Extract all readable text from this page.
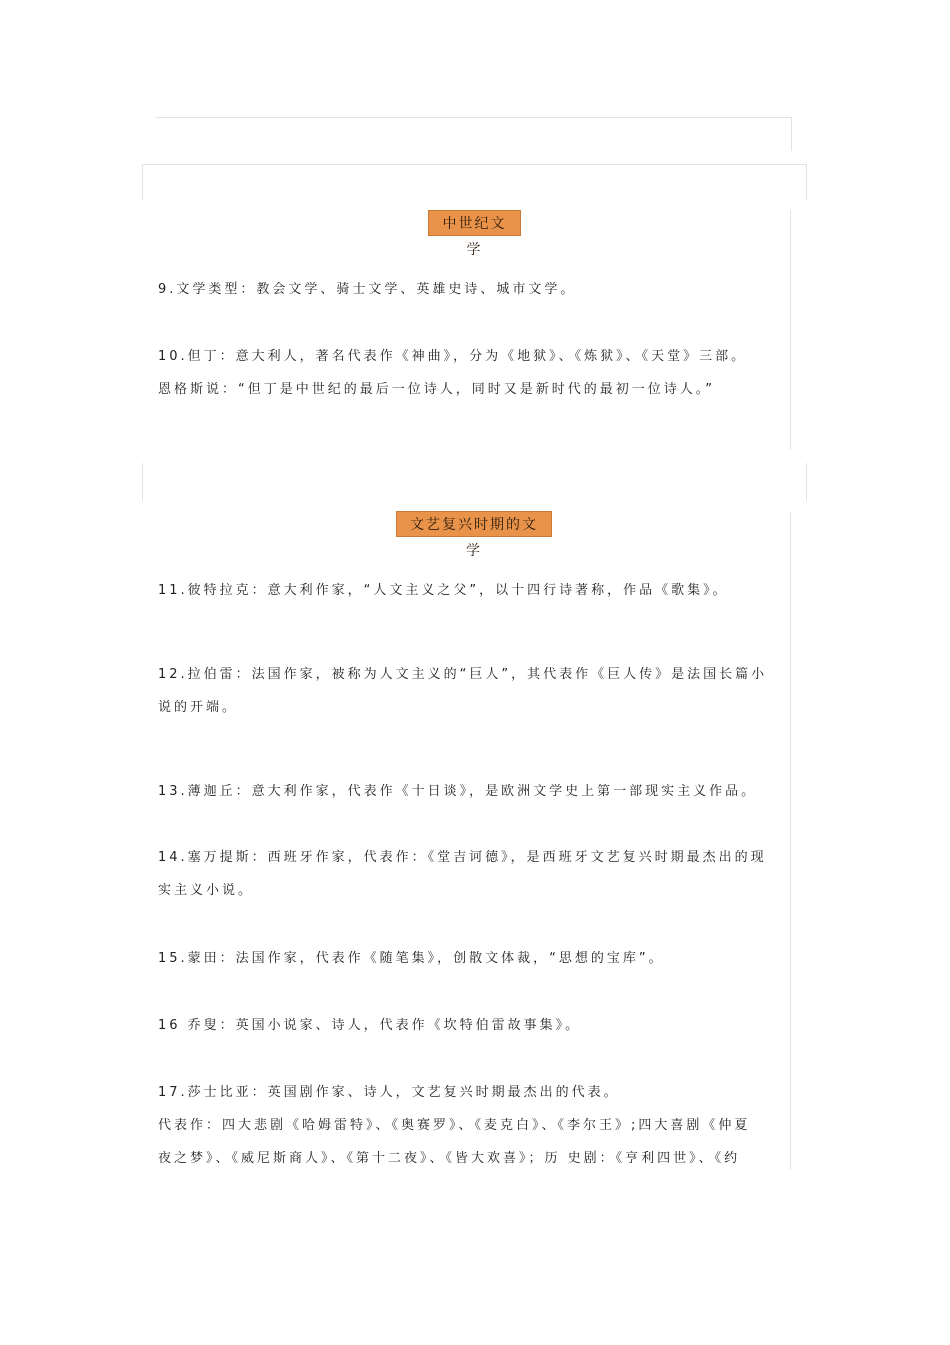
中世纪文学

9.文学类型：教会文学、骑士文学、英雄史诗、城市文学。

10.但丁：意大利人，著名代表作《神曲》，分为《地狱》、《炼狱》、《天堂》三部。
恩格斯说：“但丁是中世纪的最后一位诗人，同时又是新时代的最初一位诗人。”

文艺复兴时期的文学

11.彼特拉克：意大利作家，“人文主义之父”，以十四行诗著称，作品《歌集》。

12.拉伯雷：法国作家，被称为人文主义的“巨人”，其代表作《巨人传》是法国长篇小
说的开端。

13.薄迦丘：意大利作家，代表作《十日谈》，是欧洲文学史上第一部现实主义作品。

14.塞万提斯：西班牙作家，代表作：《堂吉诃德》，是西班牙文艺复兴时期最杰出的现
实主义小说。

15.蒙田：法国作家，代表作《随笔集》，创散文体裁，“思想的宝库”。

16 乔叟：英国小说家、诗人，代表作《坎特伯雷故事集》。

17.莎士比亚：英国剧作家、诗人，文艺复兴时期最杰出的代表。
代表作：四大悲剧《哈姆雷特》、《奥赛罗》、《麦克白》、《李尔王》;四大喜剧《仲夏
夜之梦》、《威尼斯商人》、《第十二夜》、《皆大欢喜》；历 史剧：《亨利四世》、《约
